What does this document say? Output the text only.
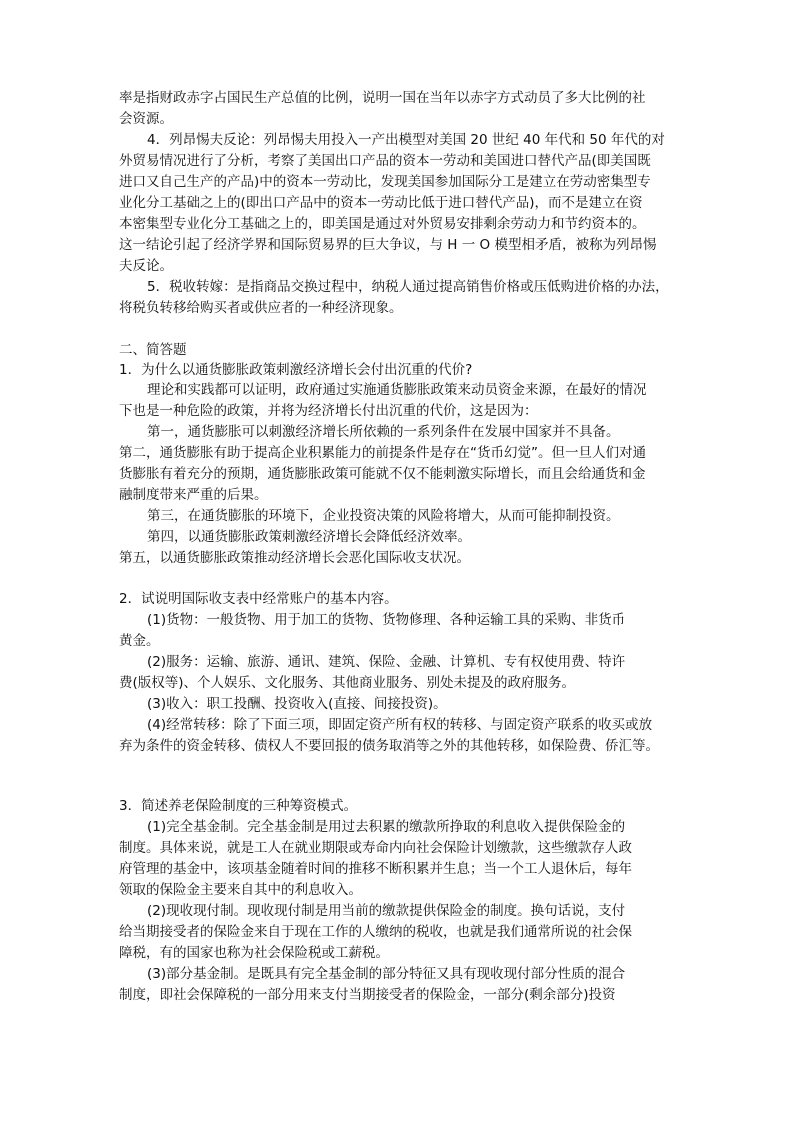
率是指财政赤字占国民生产总值的比例，说明一国在当年以赤字方式动员了多大比例的社
会资源。
4．列昂惕夫反论：列昂惕夫用投入一产出模型对美国 20 世纪 40 年代和 50 年代的对
外贸易情况进行了分析，考察了美国出口产品的资本一劳动和美国进口替代产品(即美国既
进口又自己生产的产品)中的资本一劳动比，发现美国参加国际分工是建立在劳动密集型专
业化分工基础之上的(即出口产品中的资本一劳动比低于进口替代产品)，而不是建立在资
本密集型专业化分工基础之上的，即美国是通过对外贸易安排剩余劳动力和节约资本的。
这一结论引起了经济学界和国际贸易界的巨大争议，与 H 一 O 模型相矛盾，被称为列昂惕
夫反论。
5．税收转嫁：是指商品交换过程中，纳税人通过提高销售价格或压低购进价格的办法，
将税负转移给购买者或供应者的一种经济现象。
二、简答题
1．为什么以通货膨胀政策刺激经济增长会付出沉重的代价?
理论和实践都可以证明，政府通过实施通货膨胀政策来动员资金来源，在最好的情况
下也是一种危险的政策，并将为经济增长付出沉重的代价，这是因为：
第一，通货膨胀可以刺激经济增长所依赖的一系列条件在发展中国家并不具备。
第二，通货膨胀有助于提高企业积累能力的前提条件是存在“货币幻觉”。但一旦人们对通
货膨胀有着充分的预期，通货膨胀政策可能就不仅不能刺激实际增长，而且会给通货和金
融制度带来严重的后果。
第三，在通货膨胀的环境下，企业投资决策的风险将增大，从而可能抑制投资。
第四，以通货膨胀政策刺激经济增长会降低经济效率。
第五，以通货膨胀政策推动经济增长会恶化国际收支状况。
2．试说明国际收支表中经常账户的基本内容。
(1)货物：一般货物、用于加工的货物、货物修理、各种运输工具的采购、非货币
黄金。
(2)服务：运输、旅游、通讯、建筑、保险、金融、计算机、专有权使用费、特许
费(版权等)、个人娱乐、文化服务、其他商业服务、别处未提及的政府服务。
(3)收入：职工投酬、投资收入(直接、间接投资)。
(4)经常转移：除了下面三项，即固定资产所有权的转移、与固定资产联系的收买或放
弃为条件的资金转移、债权人不要回报的债务取消等之外的其他转移，如保险费、侨汇等。
3．简述养老保险制度的三种筹资模式。
(1)完全基金制。完全基金制是用过去积累的缴款所挣取的利息收入提供保险金的
制度。具体来说，就是工人在就业期限或寿命内向社会保险计划缴款，这些缴款存人政
府管理的基金中，该项基金随着时间的推移不断积累并生息；当一个工人退休后，每年
领取的保险金主要来自其中的利息收入。
(2)现收现付制。现收现付制是用当前的缴款提供保险金的制度。换句话说，支付
给当期接受者的保险金来自于现在工作的人缴纳的税收，也就是我们通常所说的社会保
障税，有的国家也称为社会保险税或工薪税。
(3)部分基金制。是既具有完全基金制的部分特征又具有现收现付部分性质的混合
制度，即社会保障税的一部分用来支付当期接受者的保险金，一部分(剩余部分)投资
